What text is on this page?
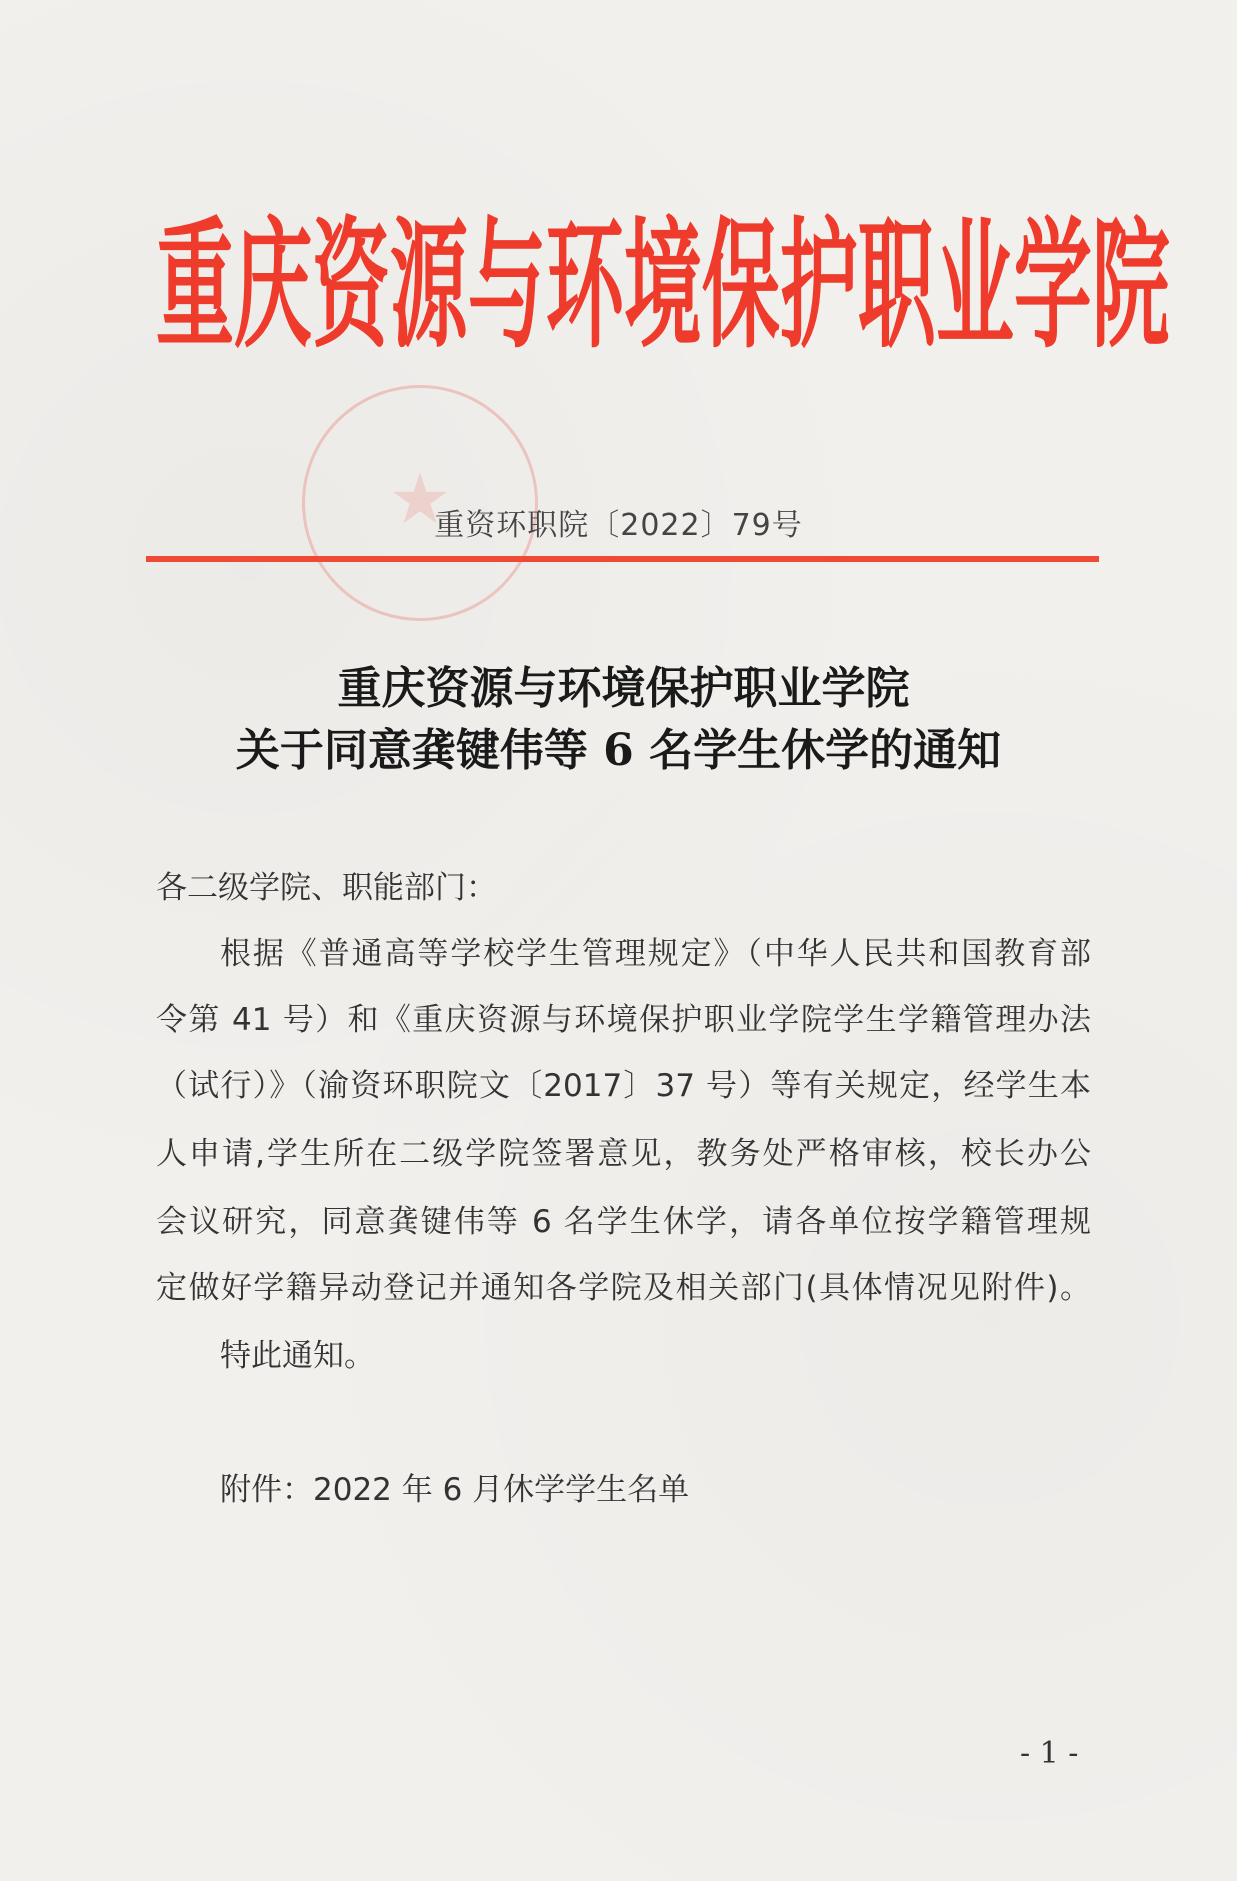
重庆资源与环境保护职业学院
★
重资环职院〔2022〕79号
重庆资源与环境保护职业学院
关于同意龚键伟等 6 名学生休学的通知
各二级学院、职能部门：
根据《普通高等学校学生管理规定》（中华人民共和国教育部
令第 41 号）和《重庆资源与环境保护职业学院学生学籍管理办法
（试行）》（渝资环职院文〔2017〕37 号）等有关规定，经学生本
人申请,学生所在二级学院签署意见，教务处严格审核，校长办公
会议研究，同意龚键伟等 6 名学生休学，请各单位按学籍管理规
定做好学籍异动登记并通知各学院及相关部门(具体情况见附件)。
特此通知。
附件：2022 年 6 月休学学生名单
- 1 -
